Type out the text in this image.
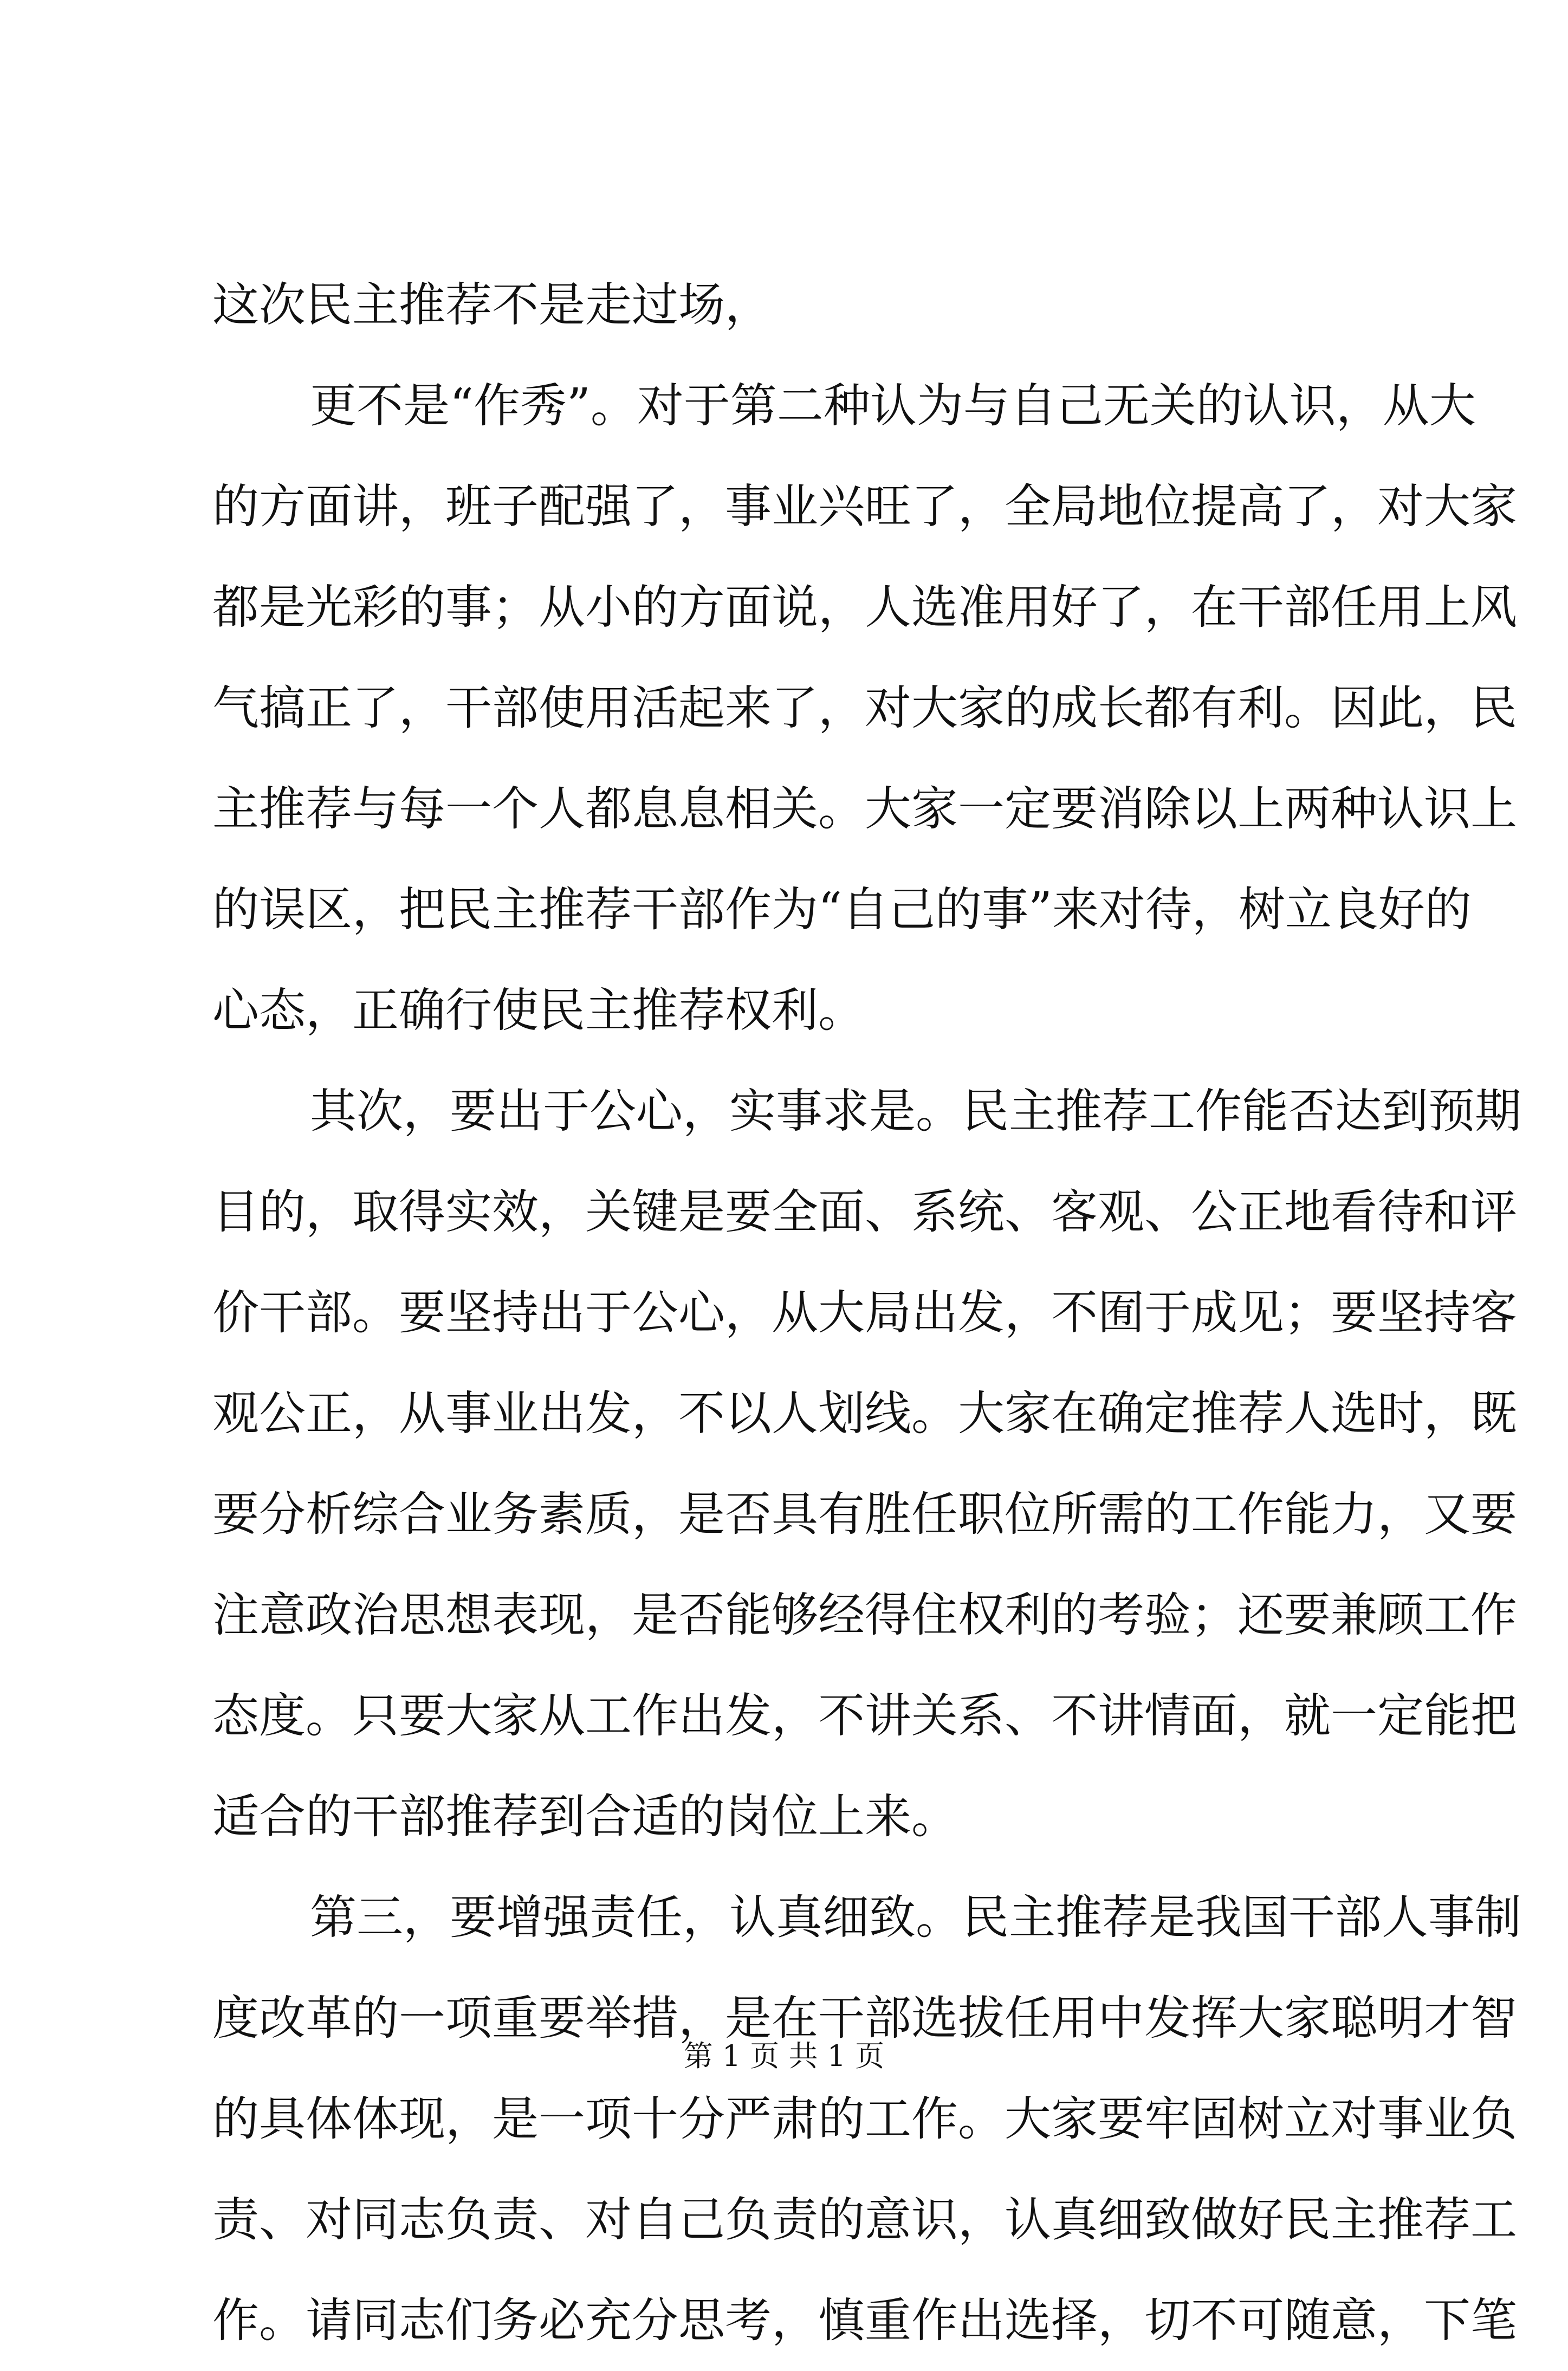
这次民主推荐不是走过场，
更不是“作秀”。对于第二种认为与自己无关的认识，从大
的方面讲，班子配强了，事业兴旺了，全局地位提高了，对大家
都是光彩的事；从小的方面说，人选准用好了，在干部任用上风
气搞正了，干部使用活起来了，对大家的成长都有利。因此，民
主推荐与每一个人都息息相关。大家一定要消除以上两种认识上
的误区，把民主推荐干部作为“自己的事”来对待，树立良好的
心态，正确行使民主推荐权利。
其次，要出于公心，实事求是。民主推荐工作能否达到预期
目的，取得实效，关键是要全面、系统、客观、公正地看待和评
价干部。要坚持出于公心，从大局出发，不囿于成见；要坚持客
观公正，从事业出发，不以人划线。大家在确定推荐人选时，既
要分析综合业务素质，是否具有胜任职位所需的工作能力，又要
注意政治思想表现，是否能够经得住权利的考验；还要兼顾工作
态度。只要大家从工作出发，不讲关系、不讲情面，就一定能把
适合的干部推荐到合适的岗位上来。
第三，要增强责任，认真细致。民主推荐是我国干部人事制
度改革的一项重要举措，是在干部选拔任用中发挥大家聪明才智
的具体体现，是一项十分严肃的工作。大家要牢固树立对事业负
责、对同志负责、对自己负责的意识，认真细致做好民主推荐工
作。请同志们务必充分思考，慎重作出选择，切不可随意，下笔
第 1 页 共 1 页
